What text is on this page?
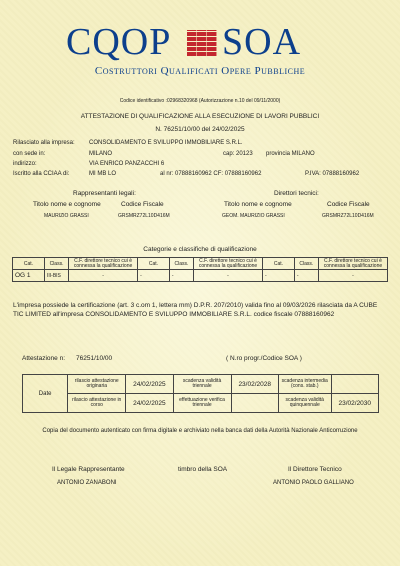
CQOP SOA
Costruttori Qualificati Opere Pubbliche
Codice identificativo :02968320968 (Autorizzazione n.10 del 09/11/2000)
ATTESTAZIONE DI QUALIFICAZIONE ALLA ESECUZIONE DI LAVORI PUBBLICI
N. 76251/10/00 del 24/02/2025
Rilasciato alla impresa: CONSOLIDAMENTO E SVILUPPO IMMOBILIARE S.R.L.
con sede in:	MILANO	cap: 20123 provincia MILANO
indirizzo:	VIA ENRICO PANZACCHI 6
Iscritto alla CCIAA di:	MI MB LO	al nr: 07888160962 CF: 07888160962	P.IVA: 07888160962
Rappresentanti legali:
Titolo nome e cognome	Codice Fiscale
MAURIZIO GRASSI	GRSMRZ72L10D416M
Direttori tecnici:
Titolo nome e cognome	Codice Fiscale
GEOM. MAURIZIO GRASSI	GRSMRZ72L10D416M
Categorie e classifiche di qualificazione
Cat.	Class.	C.F. direttore tecnico cui è connessa la qualificazione	Cat.	Class.	C.F. direttore tecnico cui è connessa la qualificazione	Cat.	Class.	C.F. direttore tecnico cui è connessa la qualificazione
OG 1	III-BIS	-	-	-	-	-	-	-
L'impresa possiede la certificazione (art. 3 c.om 1, lettera mm) D.P.R. 207/2010) valida fino al 09/03/2026 rilasciata da A CUBE TIC LIMITED all'impresa CONSOLIDAMENTO E SVILUPPO IMMOBILIARE S.R.L. codice fiscale 07888160962
Attestazione n: 76251/10/00	( N.ro progr./Codice SOA )
Date	rilascio attestazione originaria	24/02/2025	scadenza validità triennale	23/02/2028	scadenza intermedia (cons. stab.)	
	rilascio attestazione in corso	24/02/2025	effettuazione verifica triennale		scadenza validità quinquennale	23/02/2030
Copia del documento autenticato con firma digitale e archiviato nella banca dati della Autorità Nazionale Anticorruzione
Il Legale Rappresentante
ANTONIO ZANABONI
timbro della SOA	Il Direttore Tecnico
ANTONIO PAOLO GALLIANO
